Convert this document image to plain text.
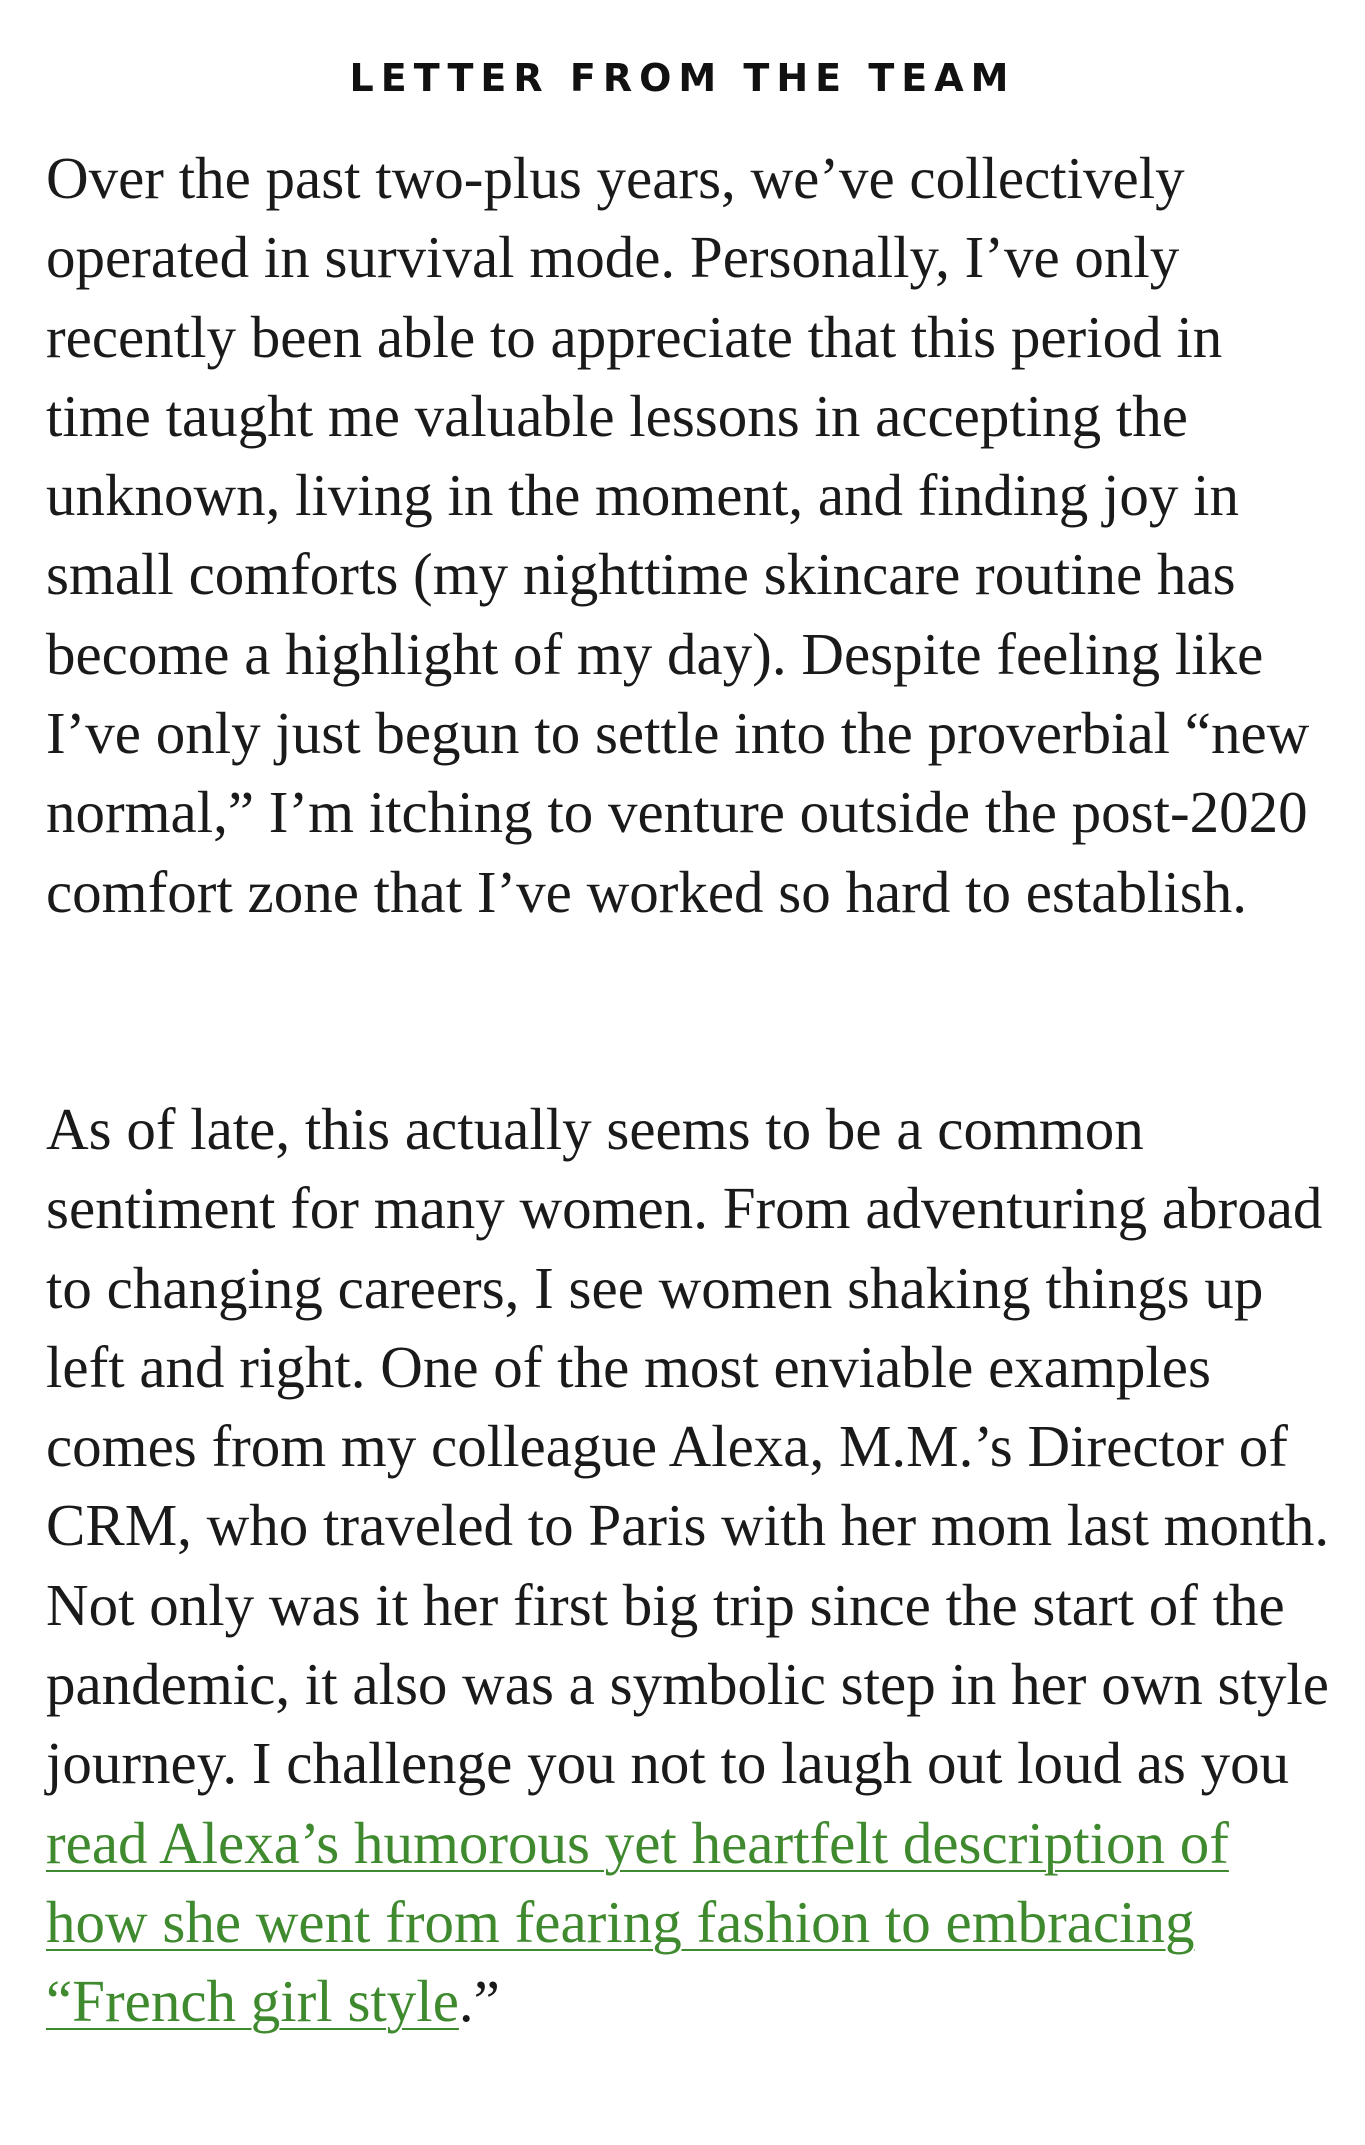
LETTER FROM THE TEAM

Over the past two-plus years, we’ve collectively operated in survival mode. Personally, I’ve only recently been able to appreciate that this period in time taught me valuable lessons in accepting the unknown, living in the moment, and finding joy in small comforts (my nighttime skincare routine has become a highlight of my day). Despite feeling like I’ve only just begun to settle into the proverbial “new normal,” I’m itching to venture outside the post-2020 comfort zone that I’ve worked so hard to establish.

As of late, this actually seems to be a common sentiment for many women. From adventuring abroad to changing careers, I see women shaking things up left and right. One of the most enviable examples comes from my colleague Alexa, M.M.’s Director of CRM, who traveled to Paris with her mom last month. Not only was it her first big trip since the start of the pandemic, it also was a symbolic step in her own style journey. I challenge you not to laugh out loud as you read Alexa’s humorous yet heartfelt description of how she went from fearing fashion to embracing “French girl style.”
